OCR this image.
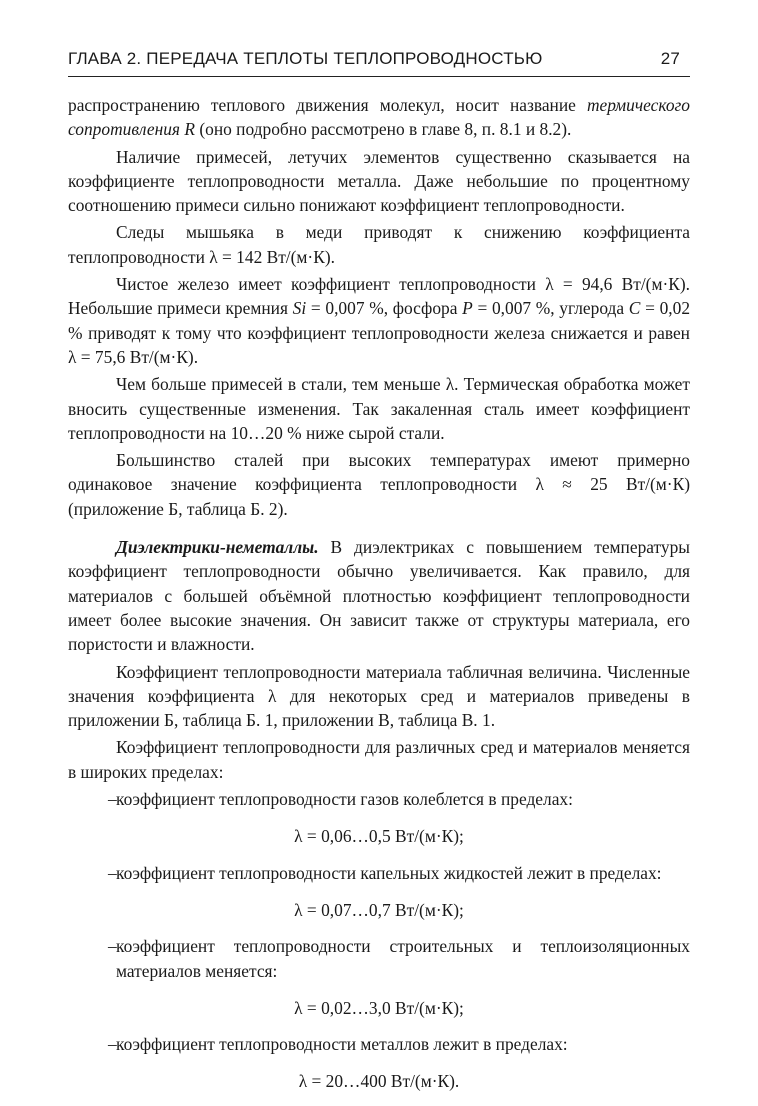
ГЛАВА 2. ПЕРЕДАЧА ТЕПЛОТЫ ТЕПЛОПРОВОДНОСТЬЮ	27

распространению теплового движения молекул, носит название термического сопротивления R (оно подробно рассмотрено в главе 8, п. 8.1 и 8.2).

Наличие примесей, летучих элементов существенно сказывается на коэффициенте теплопроводности металла. Даже небольшие по процентному соотношению примеси сильно понижают коэффициент теплопроводности.

Следы мышьяка в меди приводят к снижению коэффициента теплопроводности λ = 142 Вт/(м·К).

Чистое железо имеет коэффициент теплопроводности λ = 94,6 Вт/(м·К). Небольшие примеси кремния Si = 0,007 %, фосфора P = 0,007 %, углерода C = 0,02 % приводят к тому что коэффициент теплопроводности железа снижается и равен λ = 75,6 Вт/(м·К).

Чем больше примесей в стали, тем меньше λ. Термическая обработка может вносить существенные изменения. Так закаленная сталь имеет коэффициент теплопроводности на 10…20 % ниже сырой стали.

Большинство сталей при высоких температурах имеют примерно одинаковое значение коэффициента теплопроводности λ ≈ 25 Вт/(м·К) (приложение Б, таблица Б. 2).

Диэлектрики-неметаллы. В диэлектриках с повышением температуры коэффициент теплопроводности обычно увеличивается. Как правило, для материалов с большей объёмной плотностью коэффициент теплопроводности имеет более высокие значения. Он зависит также от структуры материала, его пористости и влажности.

Коэффициент теплопроводности материала табличная величина. Численные значения коэффициента λ для некоторых сред и материалов приведены в приложении Б, таблица Б. 1, приложении В, таблица В. 1.

Коэффициент теплопроводности для различных сред и материалов меняется в широких пределах:

– коэффициент теплопроводности газов колеблется в пределах:
λ = 0,06…0,5 Вт/(м·К);
– коэффициент теплопроводности капельных жидкостей лежит в пределах:
λ = 0,07…0,7 Вт/(м·К);
– коэффициент теплопроводности строительных и теплоизоляционных материалов меняется:
λ = 0,02…3,0 Вт/(м·К);
– коэффициент теплопроводности металлов лежит в пределах:
λ = 20…400 Вт/(м·К).
